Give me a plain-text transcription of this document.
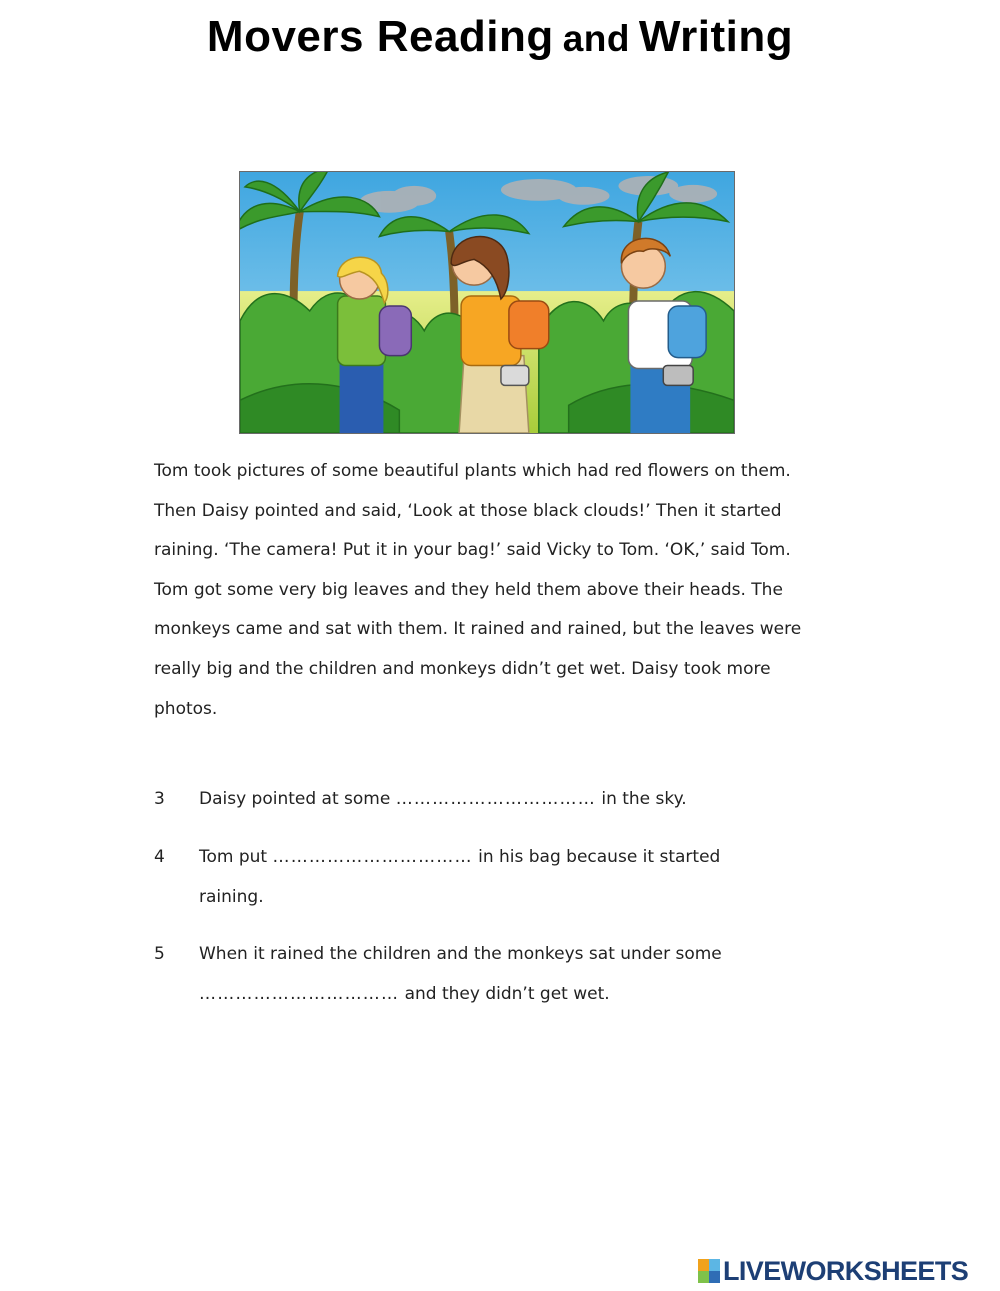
Movers Reading and Writing
Tom took pictures of some beautiful plants which had red flowers on them.
Then Daisy pointed and said, ‘Look at those black clouds!’ Then it started
raining. ‘The camera! Put it in your bag!’ said Vicky to Tom. ‘OK,’ said Tom.
Tom got some very big leaves and they held them above their heads. The
monkeys came and sat with them. It rained and rained, but the leaves were
really big and the children and monkeys didn’t get wet. Daisy took more
photos.
3	Daisy pointed at some …………………………… in the sky.
4	Tom put …………………………… in his bag because it started
raining.
5	When it rained the children and the monkeys sat under some
…………………………… and they didn’t get wet.
LIVEWORKSHEETS
